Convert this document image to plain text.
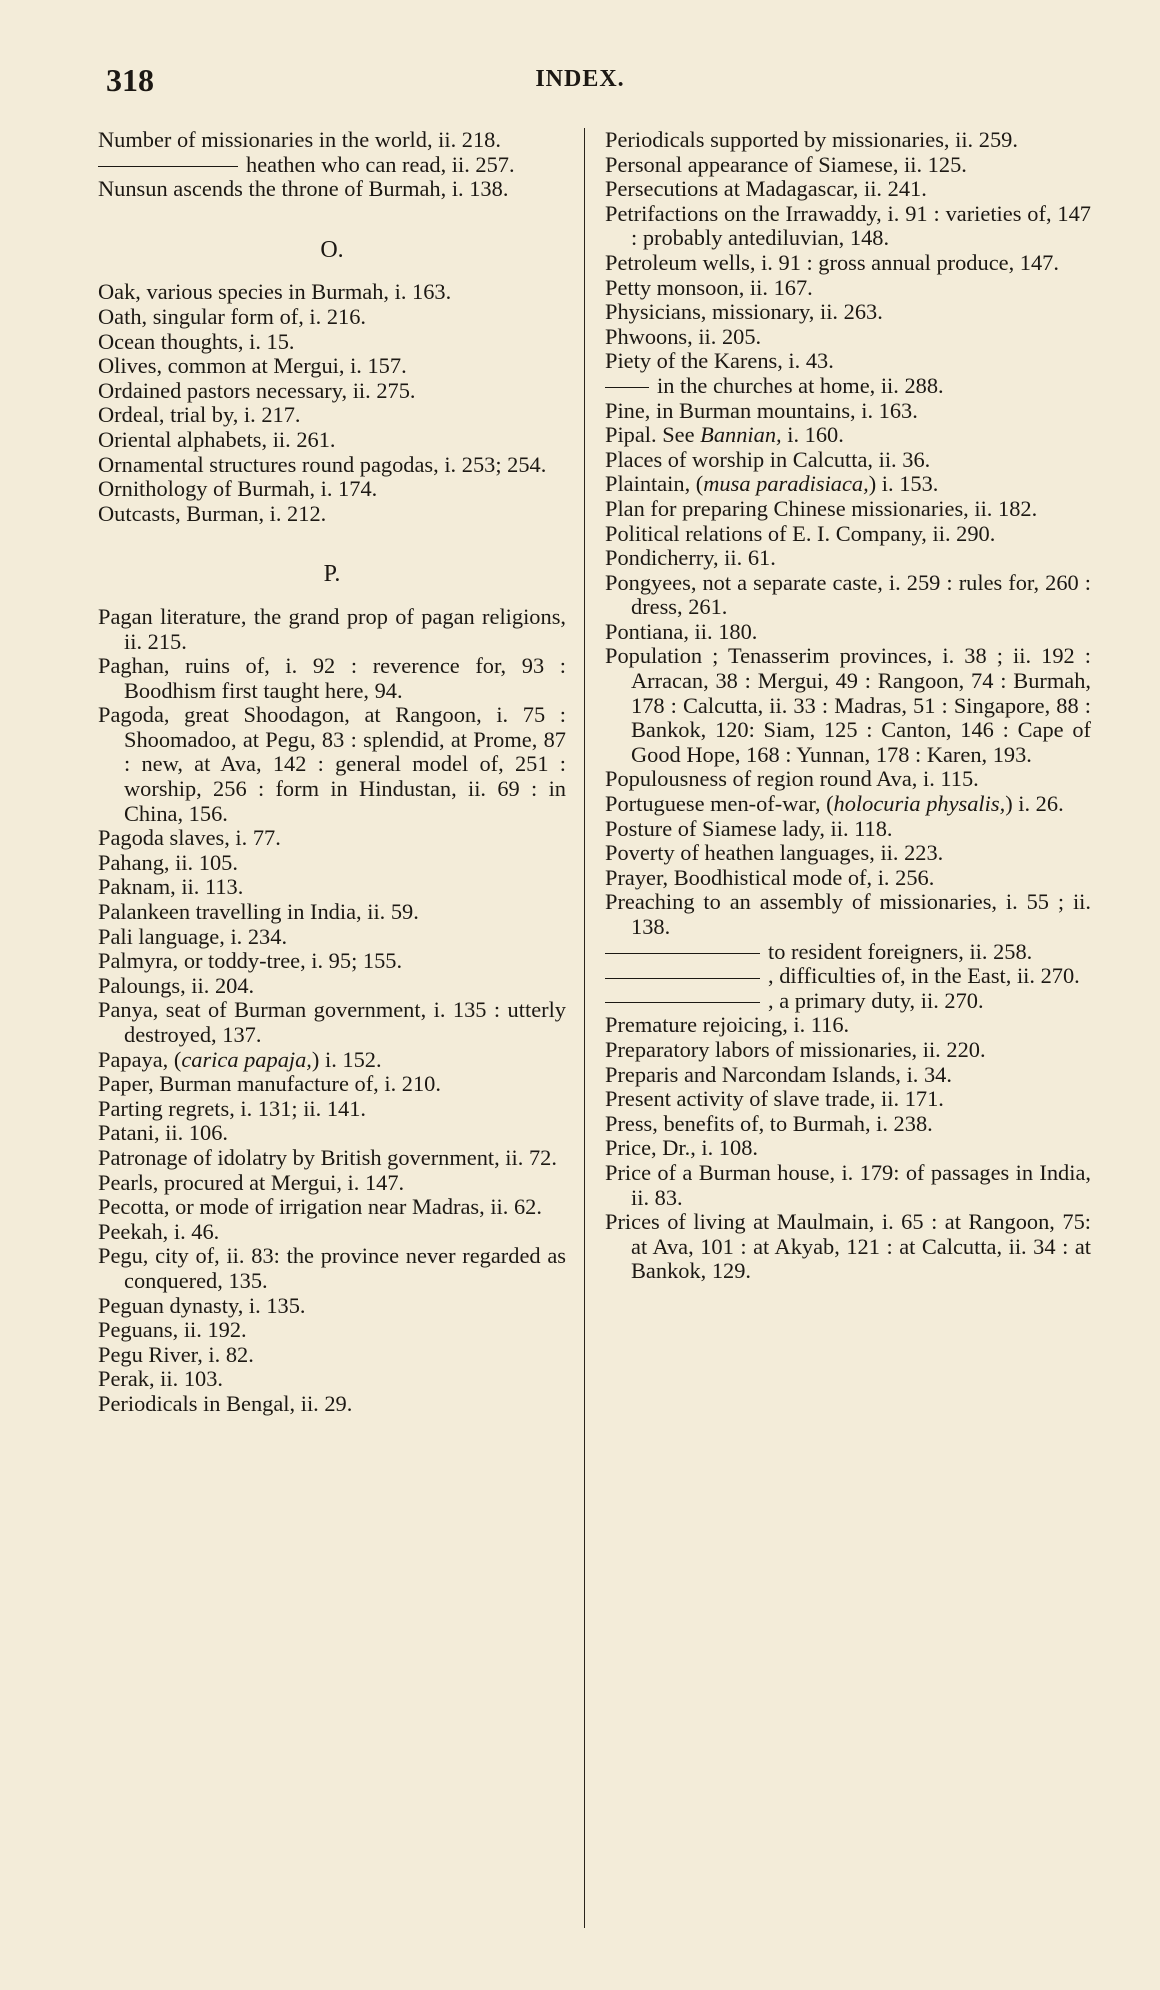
318	INDEX.
Number of missionaries in the world, ii. 218.
heathen who can read, ii. 257.
Nunsun ascends the throne of Burmah, i. 138.
O.
Oak, various species in Burmah, i. 163.
Oath, singular form of, i. 216.
Ocean thoughts, i. 15.
Olives, common at Mergui, i. 157.
Ordained pastors necessary, ii. 275.
Ordeal, trial by, i. 217.
Oriental alphabets, ii. 261.
Ornamental structures round pagodas, i. 253; 254.
Ornithology of Burmah, i. 174.
Outcasts, Burman, i. 212.
P.
Pagan literature, the grand prop of pagan religions, ii. 215.
Paghan, ruins of, i. 92 : reverence for, 93 : Boodhism first taught here, 94.
Pagoda, great Shoodagon, at Rangoon, i. 75 : Shoomadoo, at Pegu, 83 : splendid, at Prome, 87 : new, at Ava, 142 : general model of, 251 : worship, 256 : form in Hindustan, ii. 69 : in China, 156.
Pagoda slaves, i. 77.
Pahang, ii. 105.
Paknam, ii. 113.
Palankeen travelling in India, ii. 59.
Pali language, i. 234.
Palmyra, or toddy-tree, i. 95; 155.
Paloungs, ii. 204.
Panya, seat of Burman government, i. 135 : utterly destroyed, 137.
Papaya, (carica papaja,) i. 152.
Paper, Burman manufacture of, i. 210.
Parting regrets, i. 131; ii. 141.
Patani, ii. 106.
Patronage of idolatry by British government, ii. 72.
Pearls, procured at Mergui, i. 147.
Pecotta, or mode of irrigation near Madras, ii. 62.
Peekah, i. 46.
Pegu, city of, ii. 83: the province never regarded as conquered, 135.
Peguan dynasty, i. 135.
Peguans, ii. 192.
Pegu River, i. 82.
Perak, ii. 103.
Periodicals in Bengal, ii. 29.
Periodicals supported by missionaries, ii. 259.
Personal appearance of Siamese, ii. 125.
Persecutions at Madagascar, ii. 241.
Petrifactions on the Irrawaddy, i. 91 : varieties of, 147 : probably antediluvian, 148.
Petroleum wells, i. 91 : gross annual produce, 147.
Petty monsoon, ii. 167.
Physicians, missionary, ii. 263.
Phwoons, ii. 205.
Piety of the Karens, i. 43.
in the churches at home, ii. 288.
Pine, in Burman mountains, i. 163.
Pipal. See Bannian, i. 160.
Places of worship in Calcutta, ii. 36.
Plaintain, (musa paradisiaca,) i. 153.
Plan for preparing Chinese missionaries, ii. 182.
Political relations of E. I. Company, ii. 290.
Pondicherry, ii. 61.
Pongyees, not a separate caste, i. 259 : rules for, 260 : dress, 261.
Pontiana, ii. 180.
Population ; Tenasserim provinces, i. 38 ; ii. 192 : Arracan, 38 : Mergui, 49 : Rangoon, 74 : Burmah, 178 : Calcutta, ii. 33 : Madras, 51 : Singapore, 88 : Bankok, 120: Siam, 125 : Canton, 146 : Cape of Good Hope, 168 : Yunnan, 178 : Karen, 193.
Populousness of region round Ava, i. 115.
Portuguese men-of-war, (holocuria physalis,) i. 26.
Posture of Siamese lady, ii. 118.
Poverty of heathen languages, ii. 223.
Prayer, Boodhistical mode of, i. 256.
Preaching to an assembly of missionaries, i. 55 ; ii. 138.
to resident foreigners, ii. 258.
, difficulties of, in the East, ii. 270.
, a primary duty, ii. 270.
Premature rejoicing, i. 116.
Preparatory labors of missionaries, ii. 220.
Preparis and Narcondam Islands, i. 34.
Present activity of slave trade, ii. 171.
Press, benefits of, to Burmah, i. 238.
Price, Dr., i. 108.
Price of a Burman house, i. 179: of passages in India, ii. 83.
Prices of living at Maulmain, i. 65 : at Rangoon, 75: at Ava, 101 : at Akyab, 121 : at Calcutta, ii. 34 : at Bankok, 129.
